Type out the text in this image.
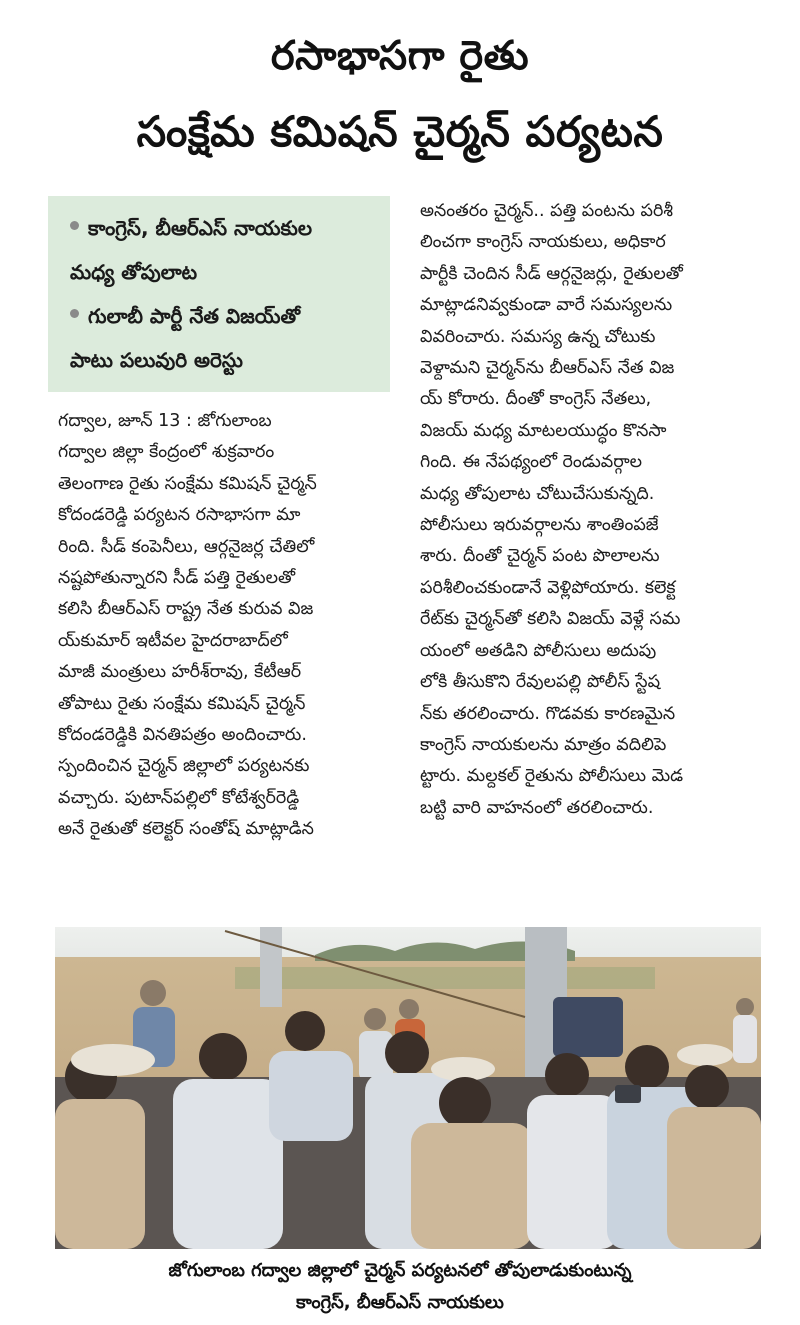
రసాభాసగా రైతు
సంక్షేమ కమిషన్ చైర్మన్ పర్యటన
కాంగ్రెస్, బీఆర్ఎస్ నాయకుల
మధ్య తోపులాట
గులాబీ పార్టీ నేత విజయ్‌తో
పాటు పలువురి అరెస్టు
గద్వాల, జూన్ 13 : జోగులాంబ
గద్వాల జిల్లా కేంద్రంలో శుక్రవారం
తెలంగాణ రైతు సంక్షేమ కమిషన్ చైర్మన్
కోదండరెడ్డి పర్యటన రసాభాసగా మా
రింది. సీడ్ కంపెనీలు, ఆర్గనైజర్ల చేతిలో
నష్టపోతున్నారని సీడ్ పత్తి రైతులతో
కలిసి బీఆర్ఎస్ రాష్ట్ర నేత కురువ విజ
య్‌కుమార్ ఇటీవల హైదరాబాద్‌లో
మాజీ మంత్రులు హరీశ్‌రావు, కేటీఆర్
తోపాటు రైతు సంక్షేమ కమిషన్ చైర్మన్
కోదండరెడ్డికి వినతిపత్రం అందించారు.
స్పందించిన చైర్మన్ జిల్లాలో పర్యటనకు
వచ్చారు. పుటాన్‌పల్లిలో కోటేశ్వర్‌రెడ్డి
అనే రైతుతో కలెక్టర్ సంతోష్ మాట్లాడిన
అనంతరం చైర్మన్.. పత్తి పంటను పరిశీ
లించగా కాంగ్రెస్ నాయకులు, అధికార
పార్టీకి చెందిన సీడ్ ఆర్గనైజర్లు, రైతులతో
మాట్లాడనివ్వకుండా వారే సమస్యలను
వివరించారు. సమస్య ఉన్న చోటుకు
వెళ్దామని చైర్మన్‌ను బీఆర్ఎస్ నేత విజ
య్ కోరారు. దీంతో కాంగ్రెస్ నేతలు,
విజయ్ మధ్య మాటలయుద్ధం కొనసా
గింది. ఈ నేపథ్యంలో రెండువర్గాల
మధ్య తోపులాట చోటుచేసుకున్నది.
పోలీసులు ఇరువర్గాలను శాంతింపజే
శారు. దీంతో చైర్మన్ పంట పొలాలను
పరిశీలించకుండానే వెళ్లిపోయారు. కలెక్ట
రేట్‌కు చైర్మన్‌తో కలిసి విజయ్ వెళ్లే సమ
యంలో అతడిని పోలీసులు అదుపు
లోకి తీసుకొని రేవులపల్లి పోలీస్ స్టేష
న్‌కు తరలించారు. గొడవకు కారణమైన
కాంగ్రెస్ నాయకులను మాత్రం వదిలిపె
ట్టారు. మల్దకల్ రైతును పోలీసులు మెడ
బట్టి వారి వాహనంలో తరలించారు.
జోగులాంబ గద్వాల జిల్లాలో చైర్మన్ పర్యటనలో తోపులాడుకుంటున్న
కాంగ్రెస్, బీఆర్ఎస్ నాయకులు
